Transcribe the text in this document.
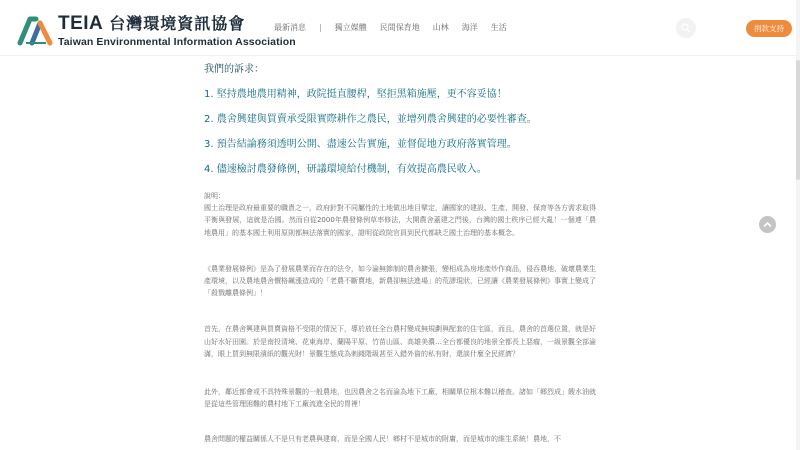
TEIA 台灣環境資訊協會
Taiwan Environmental Information Association
最新消息 | 獨立媒體 民間保育地 山林 海洋 生活	捐款支持
我們的訴求：
1. 堅持農地農用精神，政院挺直腰桿，堅拒黑箱施壓，更不容妥協！
2. 農舍興建與買賣承受限實際耕作之農民，並增列農舍興建的必要性審查。
3. 預告結論務須透明公開、盡速公告實施，並督促地方政府落實管理。
4. 儘速檢討農發條例，研議環境給付機制，有效提高農民收入。
說明：

國土治理是政府最重要的職責之一，政府針對不同屬性的土地做出地目擘定，讓國家的建設、生產、開發、保育等各方需求取得平衡與發展，這就是治國。然而自從2000年農發條例草率修法，大開農舍蓋建之門後，台灣的國土秩序已經大亂！一個連「農地農用」的基本國土利用原則都無法落實的國家，證明從政院官員到民代都缺乏國土治理的基本概念。

《農業發展條例》是為了發展農業而存在的法令，如今淪無節制的農舍擴張，變相成為房地產炒作商品，侵吞農地、破壞農業生產環境，以及農地農舍價格飆漲造成的「老農不斷賣地，新農卻無法進場」的荒謬現狀，已經讓《農業發展條例》事實上變成了「殺戮離農條例」！

首先，在農舍興建與買賣資格不受限的情況下，導於放任全台農村變成無規劃與配套的住宅區，而且，農舍的首選位置，就是好山好水好田園。於是南投清境、花東海岸、蘭陽平原、竹苗山區、高雄美濃…全台都優良的地景全都長上惡瘤，一級景觀全部淪滿，眼上買到無限濱紙的觀光財！景觀生態成為刺錢階級甚至入錯外資的私有財，還談什麼全民經濟？

此外，鄰近都會或不具特殊景觀的一般農地，也因農舍之名而淪為地下工廠，相關單位根本難以稽查。諸如「鄉烈成」餿水油就是從這些管理困難的農村地下工廠流進全民的胃裡！

農舍問題的權益關係人不是只有老農與建商，而是全國人民！鄉村不是城市的附庸，而是城市的維生系統！農地，不
